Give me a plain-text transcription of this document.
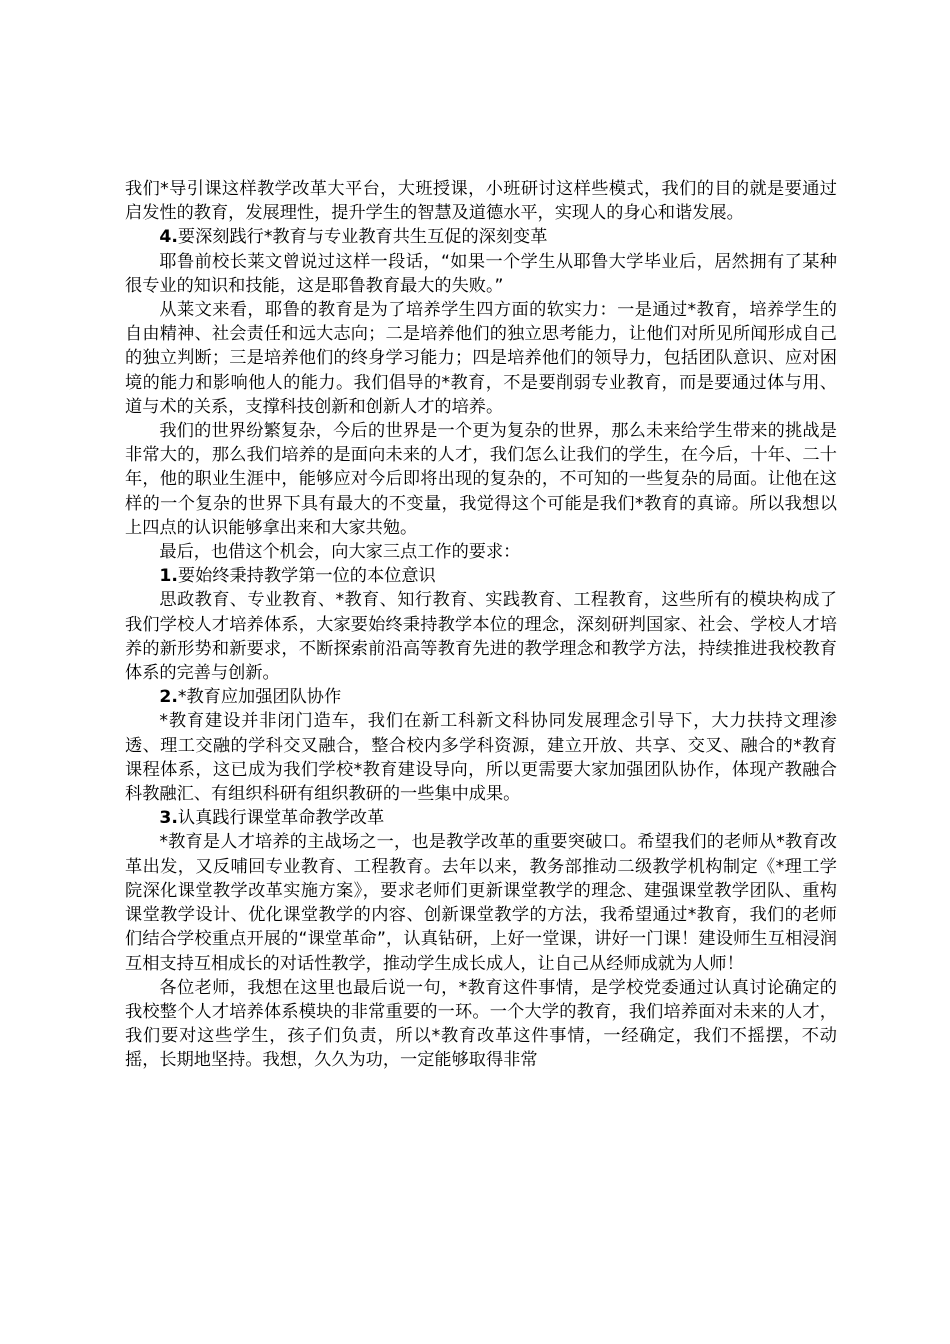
我们*导引课这样教学改革大平台，大班授课，小班研讨这样些模式，我们的目的就是要通过启发性的教育，发展理性，提升学生的智慧及道德水平，实现人的身心和谐发展。

4.要深刻践行*教育与专业教育共生互促的深刻变革

耶鲁前校长莱文曾说过这样一段话，“如果一个学生从耶鲁大学毕业后，居然拥有了某种很专业的知识和技能，这是耶鲁教育最大的失败。”

从莱文来看，耶鲁的教育是为了培养学生四方面的软实力：一是通过*教育，培养学生的自由精神、社会责任和远大志向；二是培养他们的独立思考能力，让他们对所见所闻形成自己的独立判断；三是培养他们的终身学习能力；四是培养他们的领导力，包括团队意识、应对困境的能力和影响他人的能力。我们倡导的*教育，不是要削弱专业教育，而是要通过体与用、道与术的关系，支撑科技创新和创新人才的培养。

我们的世界纷繁复杂，今后的世界是一个更为复杂的世界，那么未来给学生带来的挑战是非常大的，那么我们培养的是面向未来的人才，我们怎么让我们的学生，在今后，十年、二十年，他的职业生涯中，能够应对今后即将出现的复杂的，不可知的一些复杂的局面。让他在这样的一个复杂的世界下具有最大的不变量，我觉得这个可能是我们*教育的真谛。所以我想以上四点的认识能够拿出来和大家共勉。

最后，也借这个机会，向大家三点工作的要求：

1.要始终秉持教学第一位的本位意识

思政教育、专业教育、*教育、知行教育、实践教育、工程教育，这些所有的模块构成了我们学校人才培养体系，大家要始终秉持教学本位的理念，深刻研判国家、社会、学校人才培养的新形势和新要求，不断探索前沿高等教育先进的教学理念和教学方法，持续推进我校教育体系的完善与创新。

2.*教育应加强团队协作

*教育建设并非闭门造车，我们在新工科新文科协同发展理念引导下，大力扶持文理渗透、理工交融的学科交叉融合，整合校内多学科资源，建立开放、共享、交叉、融合的*教育课程体系，这已成为我们学校*教育建设导向，所以更需要大家加强团队协作，体现产教融合科教融汇、有组织科研有组织教研的一些集中成果。

3.认真践行课堂革命教学改革

*教育是人才培养的主战场之一，也是教学改革的重要突破口。希望我们的老师从*教育改革出发，又反哺回专业教育、工程教育。去年以来，教务部推动二级教学机构制定《*理工学院深化课堂教学改革实施方案》，要求老师们更新课堂教学的理念、建强课堂教学团队、重构课堂教学设计、优化课堂教学的内容、创新课堂教学的方法，我希望通过*教育，我们的老师们结合学校重点开展的“课堂革命”，认真钻研，上好一堂课，讲好一门课！建设师生互相浸润互相支持互相成长的对话性教学，推动学生成长成人，让自己从经师成就为人师！

各位老师，我想在这里也最后说一句，*教育这件事情，是学校党委通过认真讨论确定的我校整个人才培养体系模块的非常重要的一环。一个大学的教育，我们培养面对未来的人才，我们要对这些学生，孩子们负责，所以*教育改革这件事情，一经确定，我们不摇摆，不动摇，长期地坚持。我想，久久为功，一定能够取得非常
